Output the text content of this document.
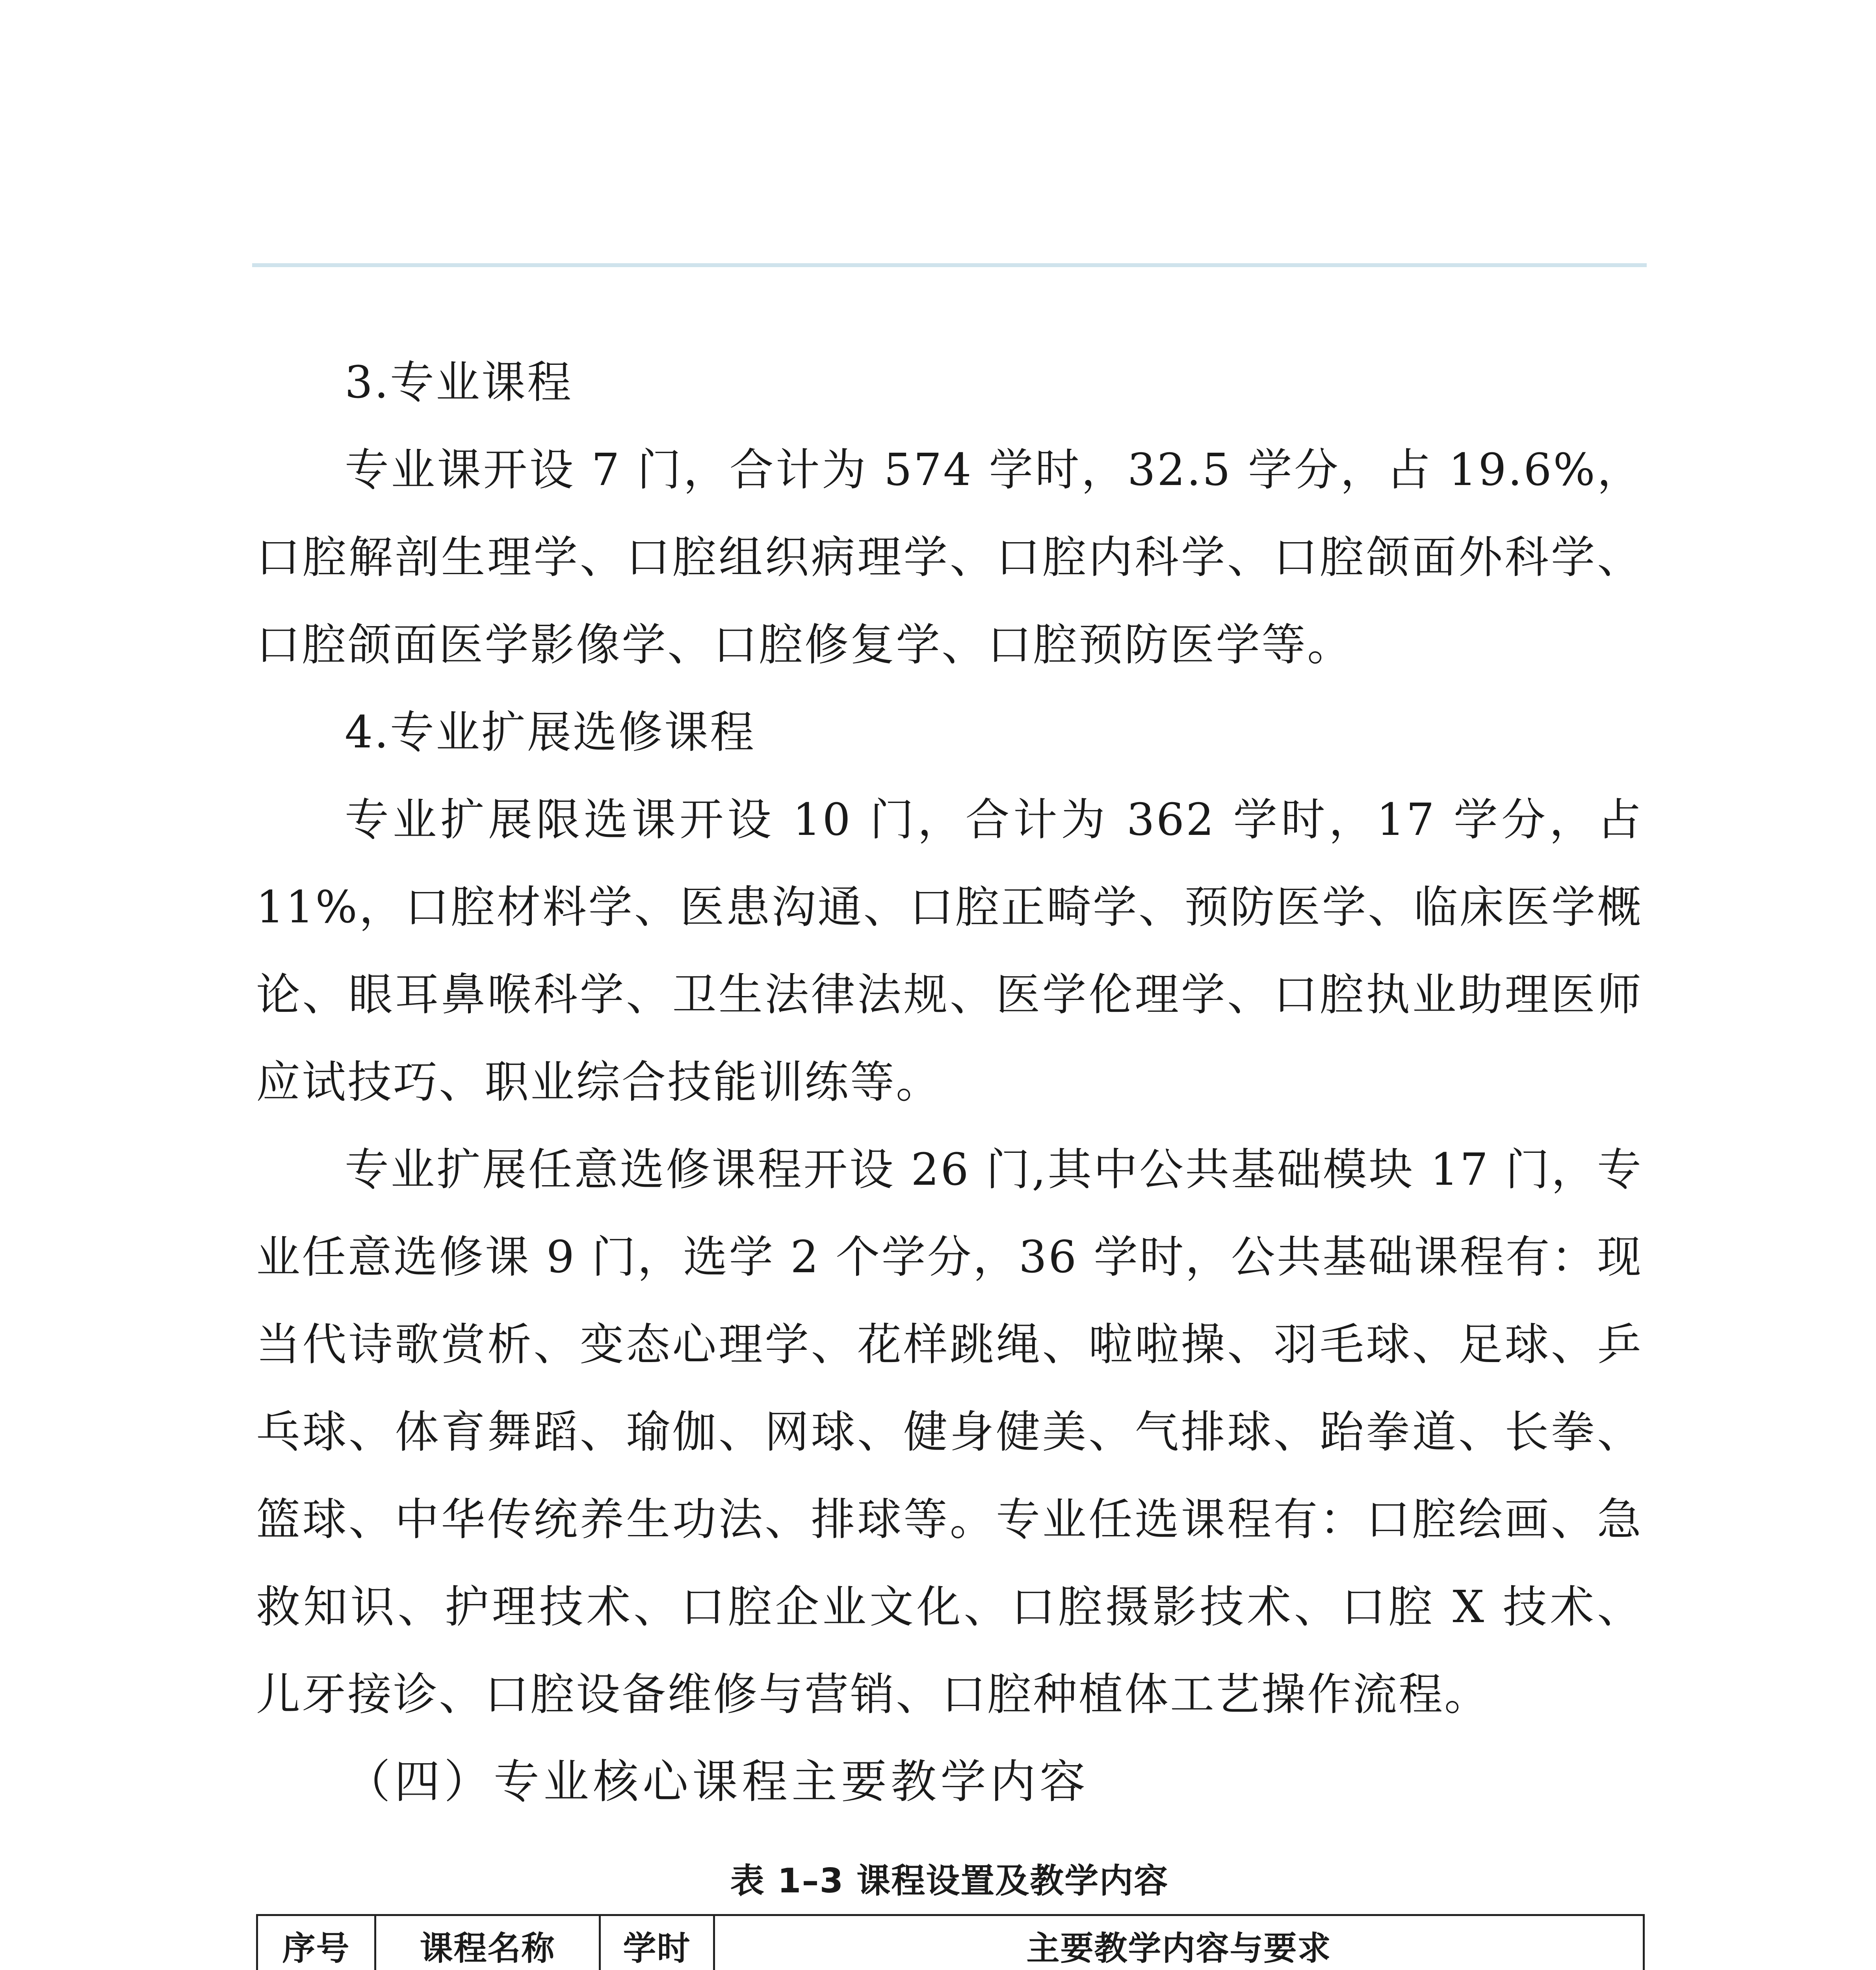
3.专业课程

专业课开设 7 门，合计为 574 学时，32.5 学分，占 19.6%，口腔解剖生理学、口腔组织病理学、口腔内科学、口腔颌面外科学、口腔颌面医学影像学、口腔修复学、口腔预防医学等。

4.专业扩展选修课程

专业扩展限选课开设 10 门，合计为 362 学时，17 学分，占 11%，口腔材料学、医患沟通、口腔正畸学、预防医学、临床医学概论、眼耳鼻喉科学、卫生法律法规、医学伦理学、口腔执业助理医师应试技巧、职业综合技能训练等。

专业扩展任意选修课程开设 26 门,其中公共基础模块 17 门，专业任意选修课 9 门，选学 2 个学分，36 学时，公共基础课程有：现当代诗歌赏析、变态心理学、花样跳绳、啦啦操、羽毛球、足球、乒乓球、体育舞蹈、瑜伽、网球、健身健美、气排球、跆拳道、长拳、篮球、中华传统养生功法、排球等。专业任选课程有：口腔绘画、急救知识、护理技术、口腔企业文化、口腔摄影技术、口腔 X 技术、儿牙接诊、口腔设备维修与营销、口腔种植体工艺操作流程。

（四）专业核心课程主要教学内容

表 1–3 课程设置及教学内容
序号	课程名称	学时	主要教学内容与要求
